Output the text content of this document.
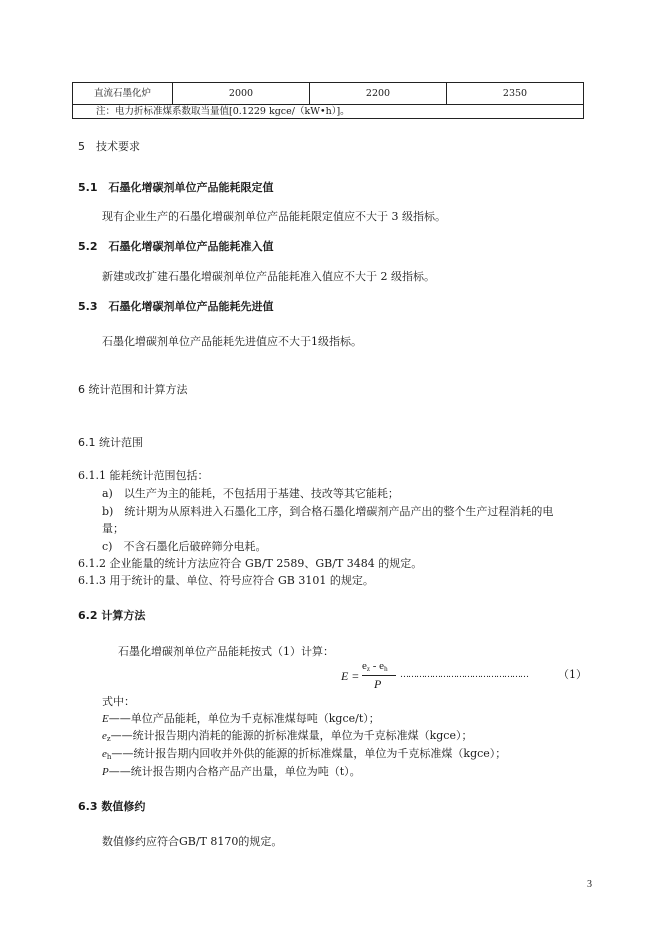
直流石墨化炉	2000	2200	2350
注：电力折标准煤系数取当量值[0.1229 kgce/（kW•h）]。
5　技术要求
5.1　石墨化增碳剂单位产品能耗限定值
现有企业生产的石墨化增碳剂单位产品能耗限定值应不大于 3 级指标。
5.2　石墨化增碳剂单位产品能耗准入值
新建或改扩建石墨化增碳剂单位产品能耗准入值应不大于 2 级指标。
5.3　石墨化增碳剂单位产品能耗先进值
石墨化增碳剂单位产品能耗先进值应不大于1级指标。
6 统计范围和计算方法
6.1 统计范围
6.1.1 能耗统计范围包括：
a)　以生产为主的能耗，不包括用于基建、技改等其它能耗；
b)　统计期为从原料进入石墨化工序，到合格石墨化增碳剂产品产出的整个生产过程消耗的电
量；
c)　不含石墨化后破碎筛分电耗。
6.1.2 企业能量的统计方法应符合 GB/T 2589、GB/T 3484 的规定。
6.1.3 用于统计的量、单位、符号应符合 GB 3101 的规定。
6.2 计算方法
石墨化增碳剂单位产品能耗按式（1）计算：
E =
$e_z - e_h$
P
…………………………………………	（1）
式中：
E——单位产品能耗，单位为千克标准煤每吨（kgce/t）；
$e_z——$统计报告期内消耗的能源的折标准煤量，单位为千克标准煤（kgce）；
$e_h——$统计报告期内回收并外供的能源的折标准煤量，单位为千克标准煤（kgce）；
P——统计报告期内合格产品产出量，单位为吨（t）。
6.3 数值修约
数值修约应符合GB/T 8170的规定。
3
